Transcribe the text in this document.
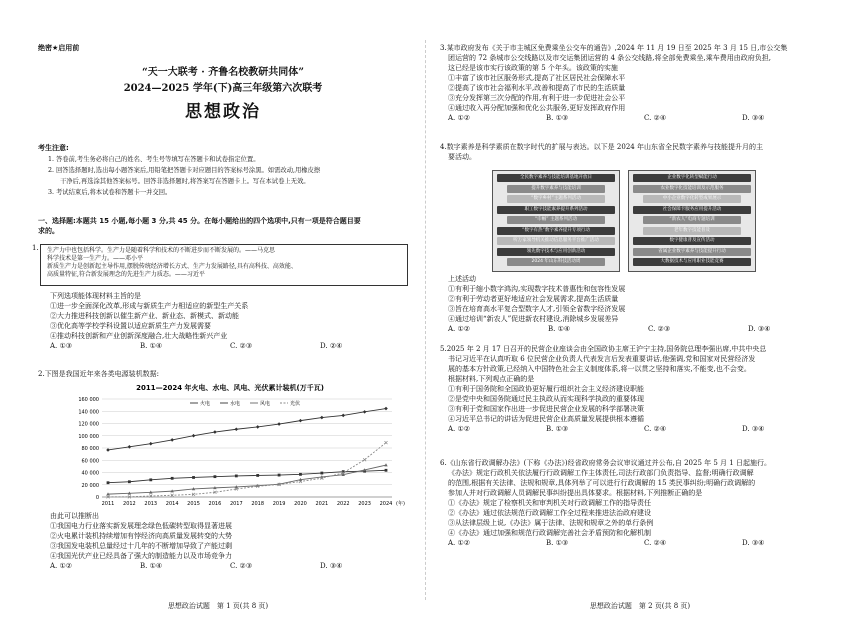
绝密★启用前
“天一大联考 · 齐鲁名校教研共同体”
2024—2025 学年(下)高三年级第六次联考
思想政治
考生注意:
1. 答卷前,考生务必将自己的姓名、考生号等填写在答题卡和试卷指定位置。
2. 回答选择题时,选出每小题答案后,用铅笔把答题卡对应题目的答案标号涂黑。如需改动,用橡皮擦
干净后,再选涂其他答案标号。回答非选择题时,将答案写在答题卡上。写在本试卷上无效。
3. 考试结束后,将本试卷和答题卡一并交回。
一、选择题:本题共 15 小题,每小题 3 分,共 45 分。在每小题给出的四个选项中,只有一项是符合题目要
求的。
1. 生产力中也包括科学。生产力是随着科学和技术的不断进步而不断发展的。——马克思
科学技术是第一生产力。——邓小平
新质生产力是创新起主导作用,摆脱传统经济增长方式、生产力发展路径,具有高科技、高效能、
高质量特征,符合新发展理念的先进生产力质态。——习近平
下列选项能体现材料主旨的是
①进一步全面深化改革,形成与新质生产力相适应的新型生产关系
②大力推进科技创新以催生新产业、新业态、新模式、新动能
③优化高等学校学科设置以适应新质生产力发展需要
④推动科技创新和产业创新深度融合,壮大战略性新兴产业
A. ①③	B. ①④	C. ②③	D. ②④
2.下图是我国近年来各类电源装机数据:
2011—2024 年火电、水电、风电、光伏累计装机(万千瓦)
0
20 000
40 000
60 000
80 000
100 000
120 000
140 000
160 000
2011 2012 2013 2014 2015 2016 2017 2018 2019 2020 2021 2022 2023 2024 (年)
火电	水电	风电	光伏
由此可以推断出
①我国电力行业落实新发展理念绿色低碳转型取得显著进展
②火电累计装机持续增加有悖经济向高质量发展转变的大势
③我国发电装机总量经过十几年的不断增加导致了产能过剩
④我国光伏产业已经具备了强大的制造能力以及市场竞争力
A. ①②	B. ①④	C. ②③	D. ③④
思想政治试题　第 1 页(共 8 页)
3.某市政府发布《关于市主城区免费乘坐公交车的通告》,2024 年 11 月 19 日至 2025 年 3 月 15 日,市公交集
团运营的 72 条城市公交线路以及市交运集团运营的 4 条公交线路,将全部免费乘坐,乘车费用由政府负担,
这已经是该市实行该政策的第 5 个年头。该政策的实施
①丰富了该市社区服务形式,提高了社区居民社会保障水平
②提高了该市社会福利水平,改善和提高了市民的生活质量
③充分发挥第三次分配的作用,有利于进一步促进社会公平
④通过收入再分配加强和优化公共服务,更好发挥政府作用
A. ①②	B. ①③	C. ②④	D. ③④
4.数字素养是科学素质在数字时代的扩展与表达。以下是 2024 年山东省全民数字素养与技能提升月的主
要活动。
全民数字素养与技能培训基地开放日
提升数字素养与技能培训
“数字乡村”主题系列活动
职工数字技能素养提升系列活动
“巾帼” 主题系列活动
“数字有热”数字素养提升专项行动
听万家领导机关推动信息服务平台推广活动
领先数字技术与应用创新活动
2024 年山东科技活动周
企业数字化转型赋能行动
农业数字化技能培训及示范服务
中小企业数字化转型成果展示
社会保障卡服务应用提升活动
“新农人”电商专题培训
老年数字技能普及
数字健康普及宣传活动
省属企业数字素养与技能提升行动
大数据技术与应用职业技能竞赛
上述活动
①有利于缩小数字鸿沟,实现数字技术普惠性和包容性发展
②有利于劳动者更好地适应社会发展需求,提高生活质量
③旨在培育高水平复合型数字人才,引领全省数字经济发展
④通过培训“新农人”促进新农村建设,消除城乡发展差异
A. ①②	B. ①④	C. ②③	D. ③④
5.2025 年 2 月 17 日召开的民营企业座谈会由全国政协主席王沪宁主持,国务院总理李强出席,中共中央总
书记习近平在认真听取 6 位民营企业负责人代表发言后发表重要讲话,他强调,党和国家对民营经济发
展的基本方针政策,已经纳入中国特色社会主义制度体系,将一以贯之坚持和落实,不能变,也不会变。
根据材料,下列观点正确的是
①有利于国务院和全国政协更好履行组织社会主义经济建设职能
②是党中央和国务院通过民主执政从而实现科学执政的重要体现
③有利于党和国家作出进一步促进民营企业发展的科学部署决策
④习近平总书记的讲话为促进民营企业高质量发展提供根本遵循
A. ①②	B. ①③	C. ②④	D. ③④
6.《山东省行政调解办法》(下称《办法》)经省政府常务会议审议通过并公布,自 2025 年 5 月 1 日起施行。
《办法》规定行政机关依法履行行政调解工作主体责任,司法行政部门负责指导、监督;明确行政调解
的范围,根据有关法律、法规和规章,具体列举了可以进行行政调解的 15 类民事纠纷;明确行政调解的
参加人并对行政调解人员调解民事纠纷提出具体要求。根据材料,下列推断正确的是
①《办法》规定了检察机关和审判机关对行政调解工作的指导责任
②《办法》通过依法规范行政调解工作全过程来推进法治政府建设
③从法律层级上说,《办法》属于法律、法规和规章之外的单行条例
④《办法》通过加强和规范行政调解完善社会矛盾预防和化解机制
A. ①②	B. ①③	C. ②④	D. ③④
思想政治试题　第 2 页(共 8 页)
